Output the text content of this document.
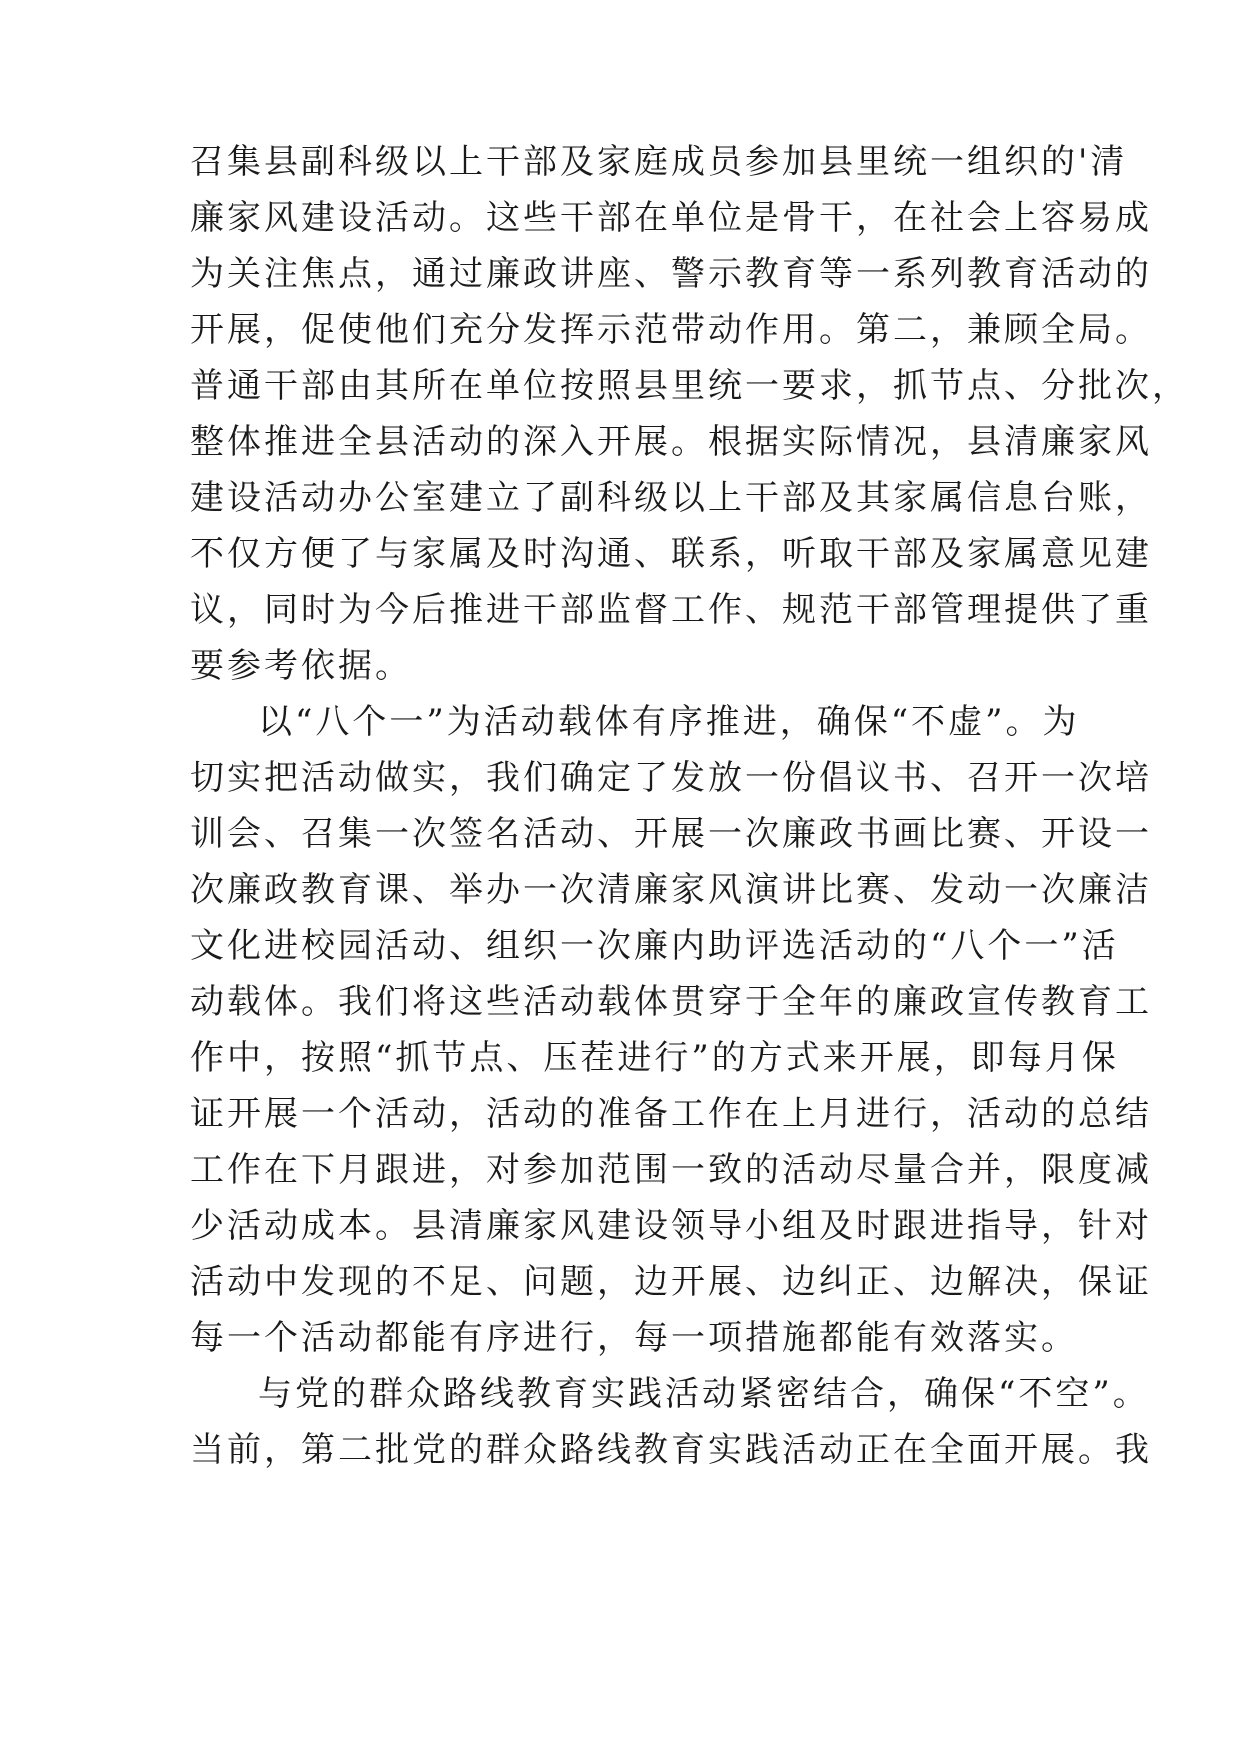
召集县副科级以上干部及家庭成员参加县里统一组织的'清
廉家风建设活动。这些干部在单位是骨干，在社会上容易成
为关注焦点，通过廉政讲座、警示教育等一系列教育活动的
开展，促使他们充分发挥示范带动作用。第二，兼顾全局。
普通干部由其所在单位按照县里统一要求，抓节点、分批次，
整体推进全县活动的深入开展。根据实际情况，县清廉家风
建设活动办公室建立了副科级以上干部及其家属信息台账，
不仅方便了与家属及时沟通、联系，听取干部及家属意见建
议，同时为今后推进干部监督工作、规范干部管理提供了重
要参考依据。
以“八个一”为活动载体有序推进，确保“不虚”。为
切实把活动做实，我们确定了发放一份倡议书、召开一次培
训会、召集一次签名活动、开展一次廉政书画比赛、开设一
次廉政教育课、举办一次清廉家风演讲比赛、发动一次廉洁
文化进校园活动、组织一次廉内助评选活动的“八个一”活
动载体。我们将这些活动载体贯穿于全年的廉政宣传教育工
作中，按照“抓节点、压茬进行”的方式来开展，即每月保
证开展一个活动，活动的准备工作在上月进行，活动的总结
工作在下月跟进，对参加范围一致的活动尽量合并，限度减
少活动成本。县清廉家风建设领导小组及时跟进指导，针对
活动中发现的不足、问题，边开展、边纠正、边解决，保证
每一个活动都能有序进行，每一项措施都能有效落实。
与党的群众路线教育实践活动紧密结合，确保“不空”。
当前，第二批党的群众路线教育实践活动正在全面开展。我
